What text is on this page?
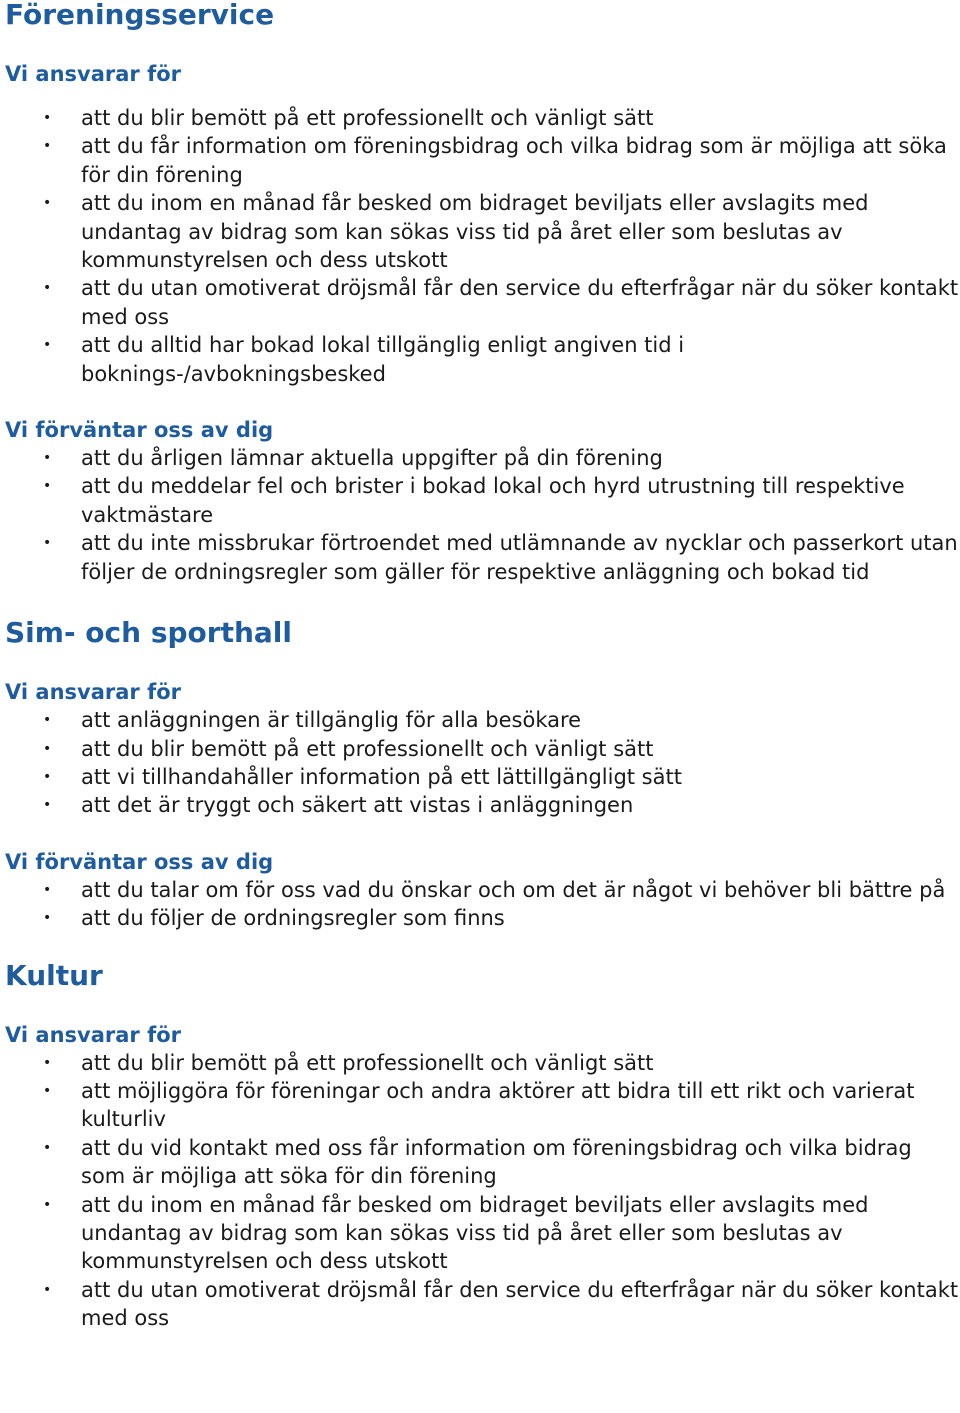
Föreningsservice
Vi ansvarar för
• att du blir bemött på ett professionellt och vänligt sätt
• att du får information om föreningsbidrag och vilka bidrag som är möjliga att söka för din förening
• att du inom en månad får besked om bidraget beviljats eller avslagits med undantag av bidrag som kan sökas viss tid på året eller som beslutas av kommunstyrelsen och dess utskott
• att du utan omotiverat dröjsmål får den service du efterfrågar när du söker kontakt med oss
• att du alltid har bokad lokal tillgänglig enligt angiven tid i boknings-/avbokningsbesked
Vi förväntar oss av dig
• att du årligen lämnar aktuella uppgifter på din förening
• att du meddelar fel och brister i bokad lokal och hyrd utrustning till respektive vaktmästare
• att du inte missbrukar förtroendet med utlämnande av nycklar och passerkort utan följer de ordningsregler som gäller för respektive anläggning och bokad tid
Sim- och sporthall
Vi ansvarar för
• att anläggningen är tillgänglig för alla besökare
• att du blir bemött på ett professionellt och vänligt sätt
• att vi tillhandahåller information på ett lättillgängligt sätt
• att det är tryggt och säkert att vistas i anläggningen
Vi förväntar oss av dig
• att du talar om för oss vad du önskar och om det är något vi behöver bli bättre på
• att du följer de ordningsregler som finns
Kultur
Vi ansvarar för
• att du blir bemött på ett professionellt och vänligt sätt
• att möjliggöra för föreningar och andra aktörer att bidra till ett rikt och varierat kulturliv
• att du vid kontakt med oss får information om föreningsbidrag och vilka bidrag som är möjliga att söka för din förening
• att du inom en månad får besked om bidraget beviljats eller avslagits med undantag av bidrag som kan sökas viss tid på året eller som beslutas av kommunstyrelsen och dess utskott
• att du utan omotiverat dröjsmål får den service du efterfrågar när du söker kontakt med oss
